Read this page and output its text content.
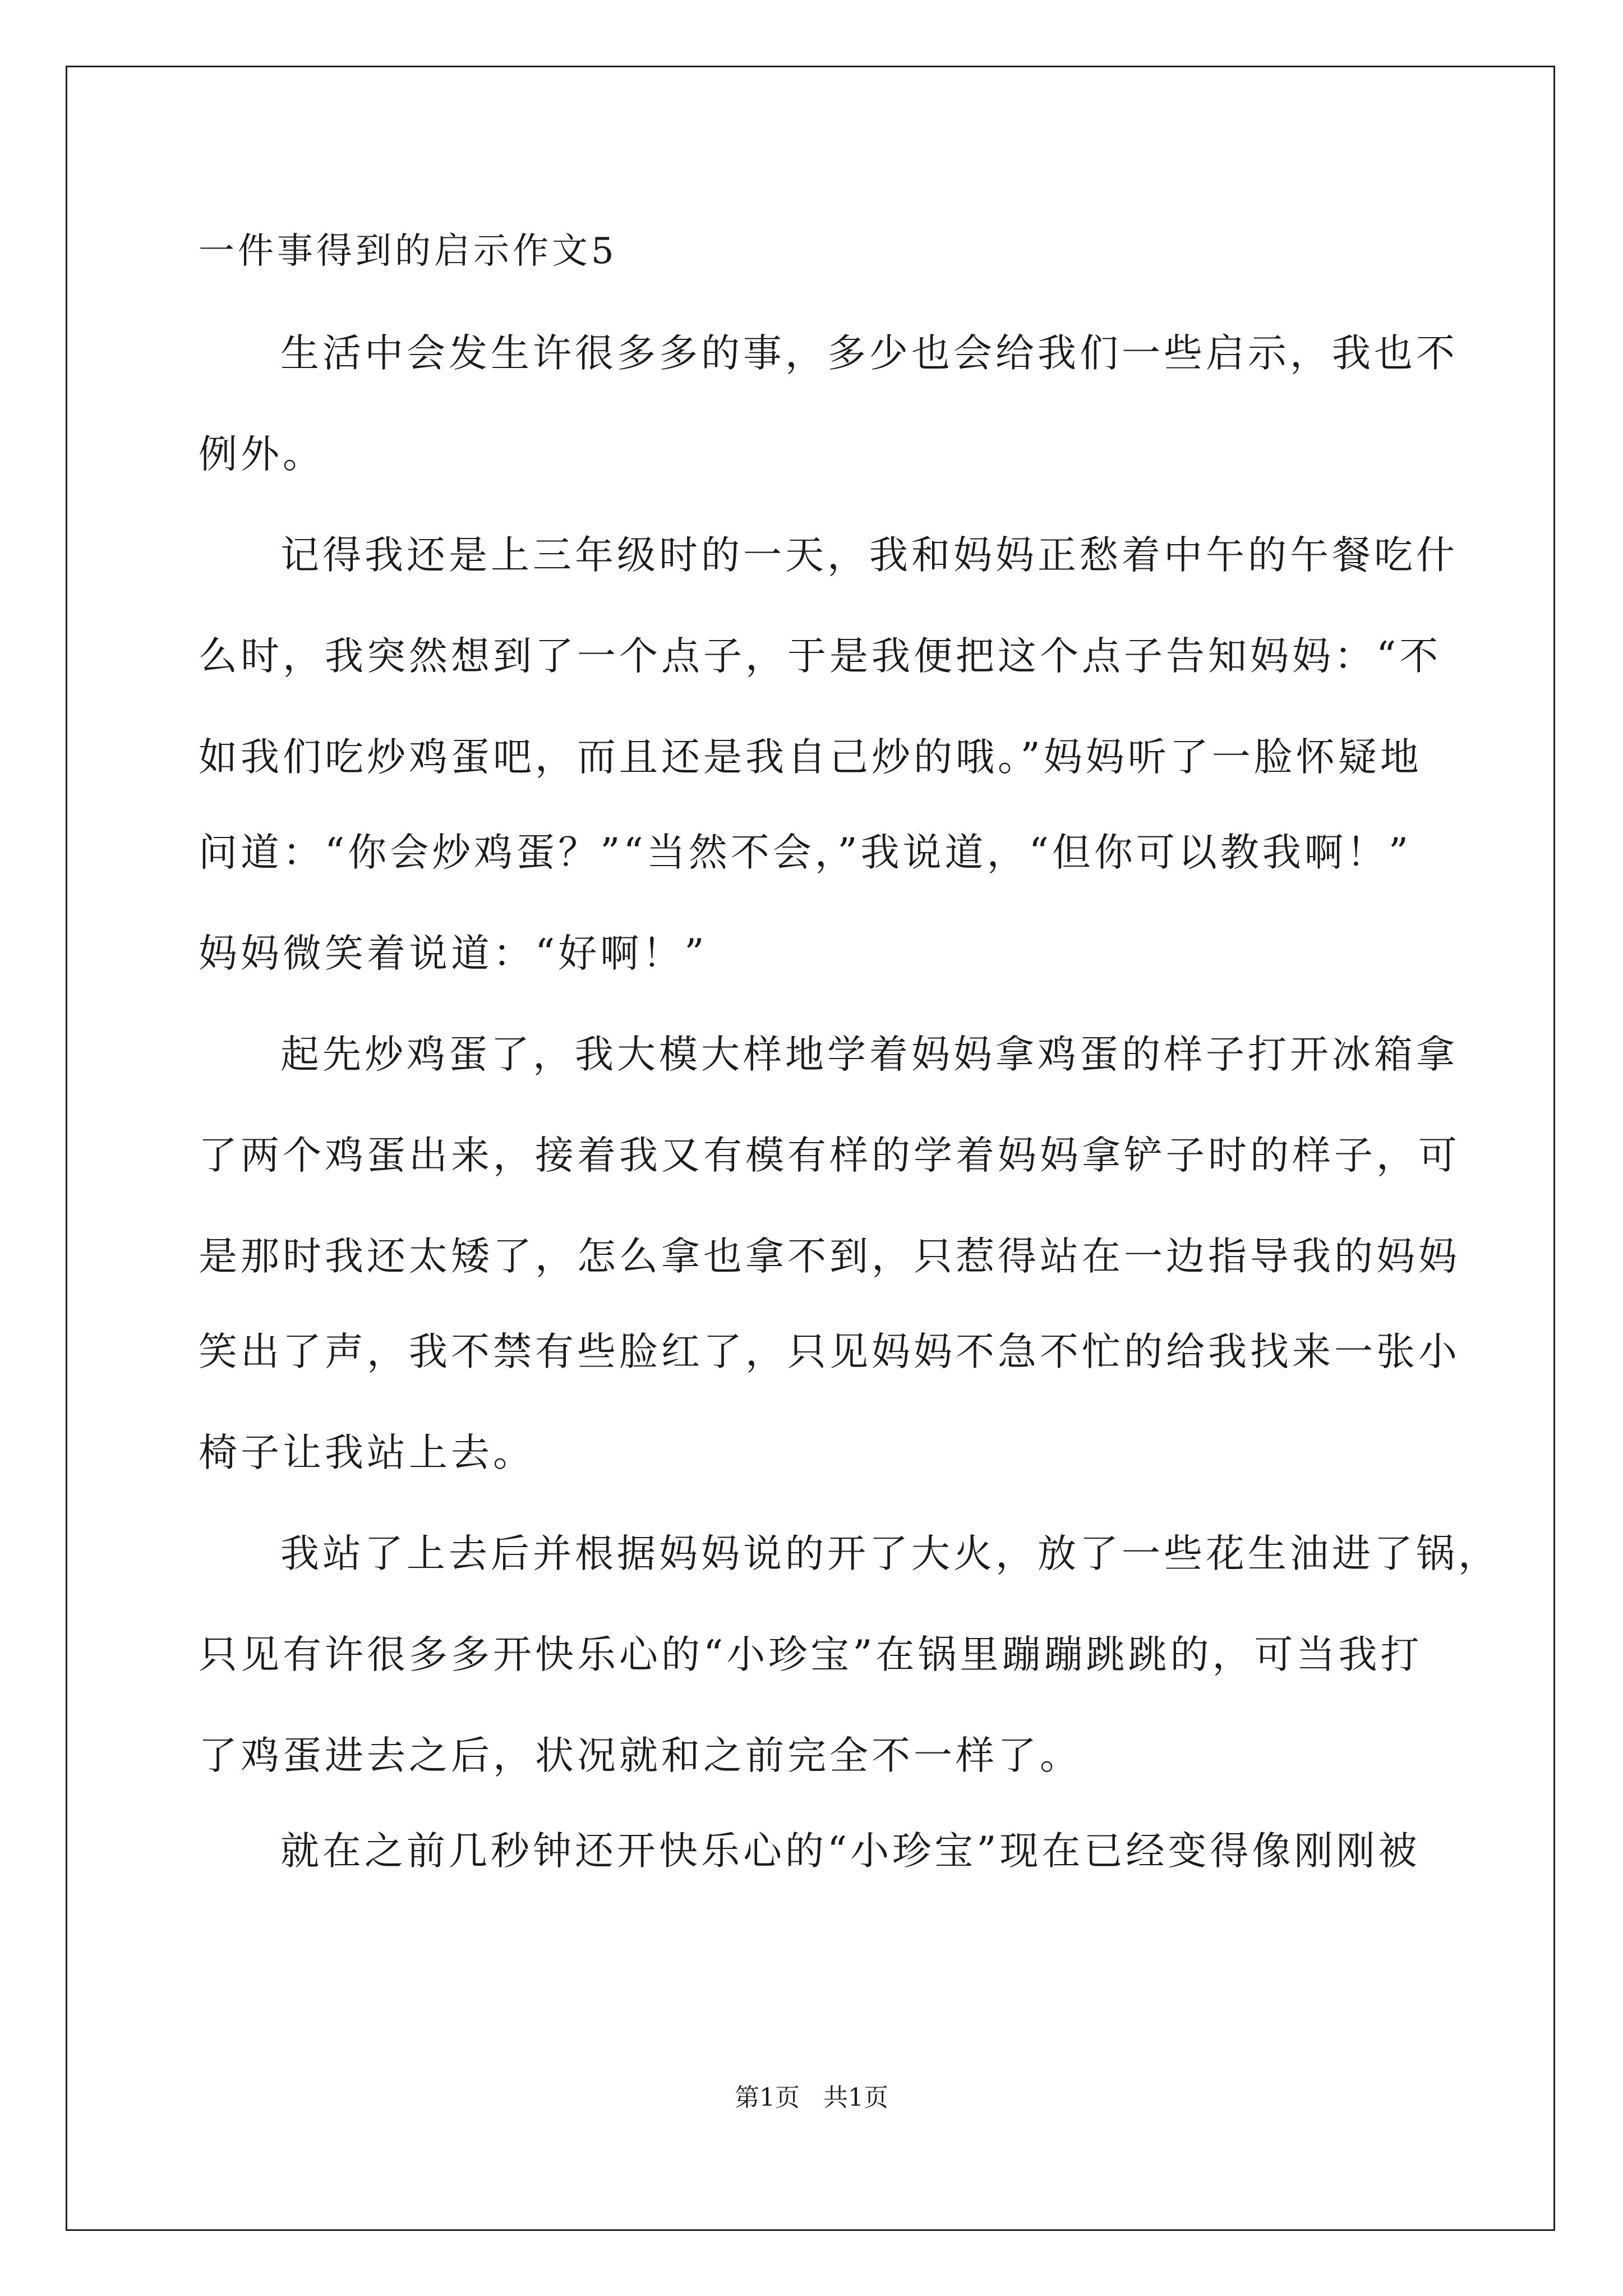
一件事得到的启示作文5
生活中会发生许很多多的事，多少也会给我们一些启示，我也不
例外。
记得我还是上三年级时的一天，我和妈妈正愁着中午的午餐吃什
么时，我突然想到了一个点子，于是我便把这个点子告知妈妈：“不
如我们吃炒鸡蛋吧，而且还是我自己炒的哦。”妈妈听了一脸怀疑地
问道：“你会炒鸡蛋？”“当然不会，”我说道，“但你可以教我啊！”
妈妈微笑着说道：“好啊！”
起先炒鸡蛋了，我大模大样地学着妈妈拿鸡蛋的样子打开冰箱拿
了两个鸡蛋出来，接着我又有模有样的学着妈妈拿铲子时的样子，可
是那时我还太矮了，怎么拿也拿不到，只惹得站在一边指导我的妈妈
笑出了声，我不禁有些脸红了，只见妈妈不急不忙的给我找来一张小
椅子让我站上去。
我站了上去后并根据妈妈说的开了大火，放了一些花生油进了锅，
只见有许很多多开快乐心的“小珍宝”在锅里蹦蹦跳跳的，可当我打
了鸡蛋进去之后，状况就和之前完全不一样了。
就在之前几秒钟还开快乐心的“小珍宝”现在已经变得像刚刚被
第1页   共1页
